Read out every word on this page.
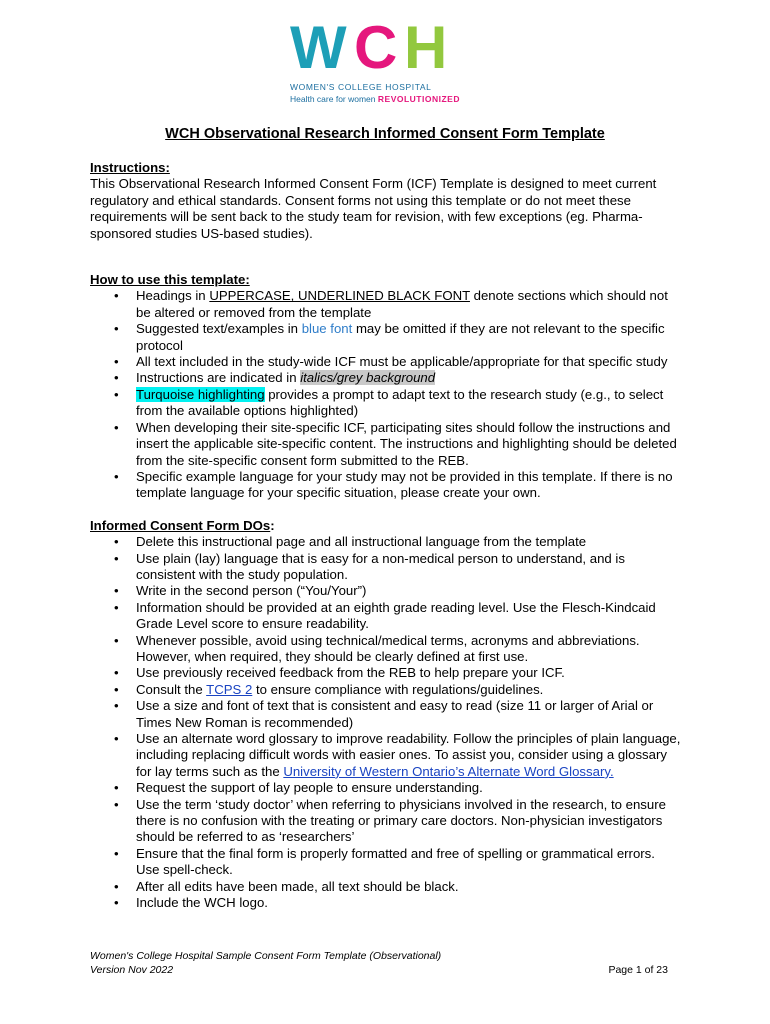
W C H
WOMEN'S COLLEGE HOSPITAL
Health care for women REVOLUTIONIZED
WCH Observational Research Informed Consent Form Template
Instructions:

This Observational Research Informed Consent Form (ICF) Template is designed to meet current regulatory and ethical standards. Consent forms not using this template or do not meet these requirements will be sent back to the study team for revision, with few exceptions (eg. Pharma-sponsored studies US-based studies).

How to use this template:
• Headings in UPPERCASE, UNDERLINED BLACK FONT denote sections which should not be altered or removed from the template
• Suggested text/examples in blue font may be omitted if they are not relevant to the specific protocol
• All text included in the study-wide ICF must be applicable/appropriate for that specific study
• Instructions are indicated in italics/grey background
• Turquoise highlighting provides a prompt to adapt text to the research study (e.g., to select from the available options highlighted)
• When developing their site-specific ICF, participating sites should follow the instructions and insert the applicable site-specific content. The instructions and highlighting should be deleted from the site-specific consent form submitted to the REB.
• Specific example language for your study may not be provided in this template. If there is no template language for your specific situation, please create your own.
Informed Consent Form DOs:
• Delete this instructional page and all instructional language from the template
• Use plain (lay) language that is easy for a non-medical person to understand, and is consistent with the study population.
• Write in the second person (“You/Your”)
• Information should be provided at an eighth grade reading level. Use the Flesch-Kindcaid Grade Level score to ensure readability.
• Whenever possible, avoid using technical/medical terms, acronyms and abbreviations. However, when required, they should be clearly defined at first use.
• Use previously received feedback from the REB to help prepare your ICF.
• Consult the TCPS 2 to ensure compliance with regulations/guidelines.
• Use a size and font of text that is consistent and easy to read (size 11 or larger of Arial or Times New Roman is recommended)
• Use an alternate word glossary to improve readability. Follow the principles of plain language, including replacing difficult words with easier ones. To assist you, consider using a glossary for lay terms such as the University of Western Ontario’s Alternate Word Glossary.
• Request the support of lay people to ensure understanding.
• Use the term ‘study doctor’ when referring to physicians involved in the research, to ensure there is no confusion with the treating or primary care doctors. Non-physician investigators should be referred to as ‘researchers’
• Ensure that the final form is properly formatted and free of spelling or grammatical errors. Use spell-check.
• After all edits have been made, all text should be black.
• Include the WCH logo.
Women's College Hospital Sample Consent Form Template (Observational)
Version Nov 2022	Page 1 of 23
